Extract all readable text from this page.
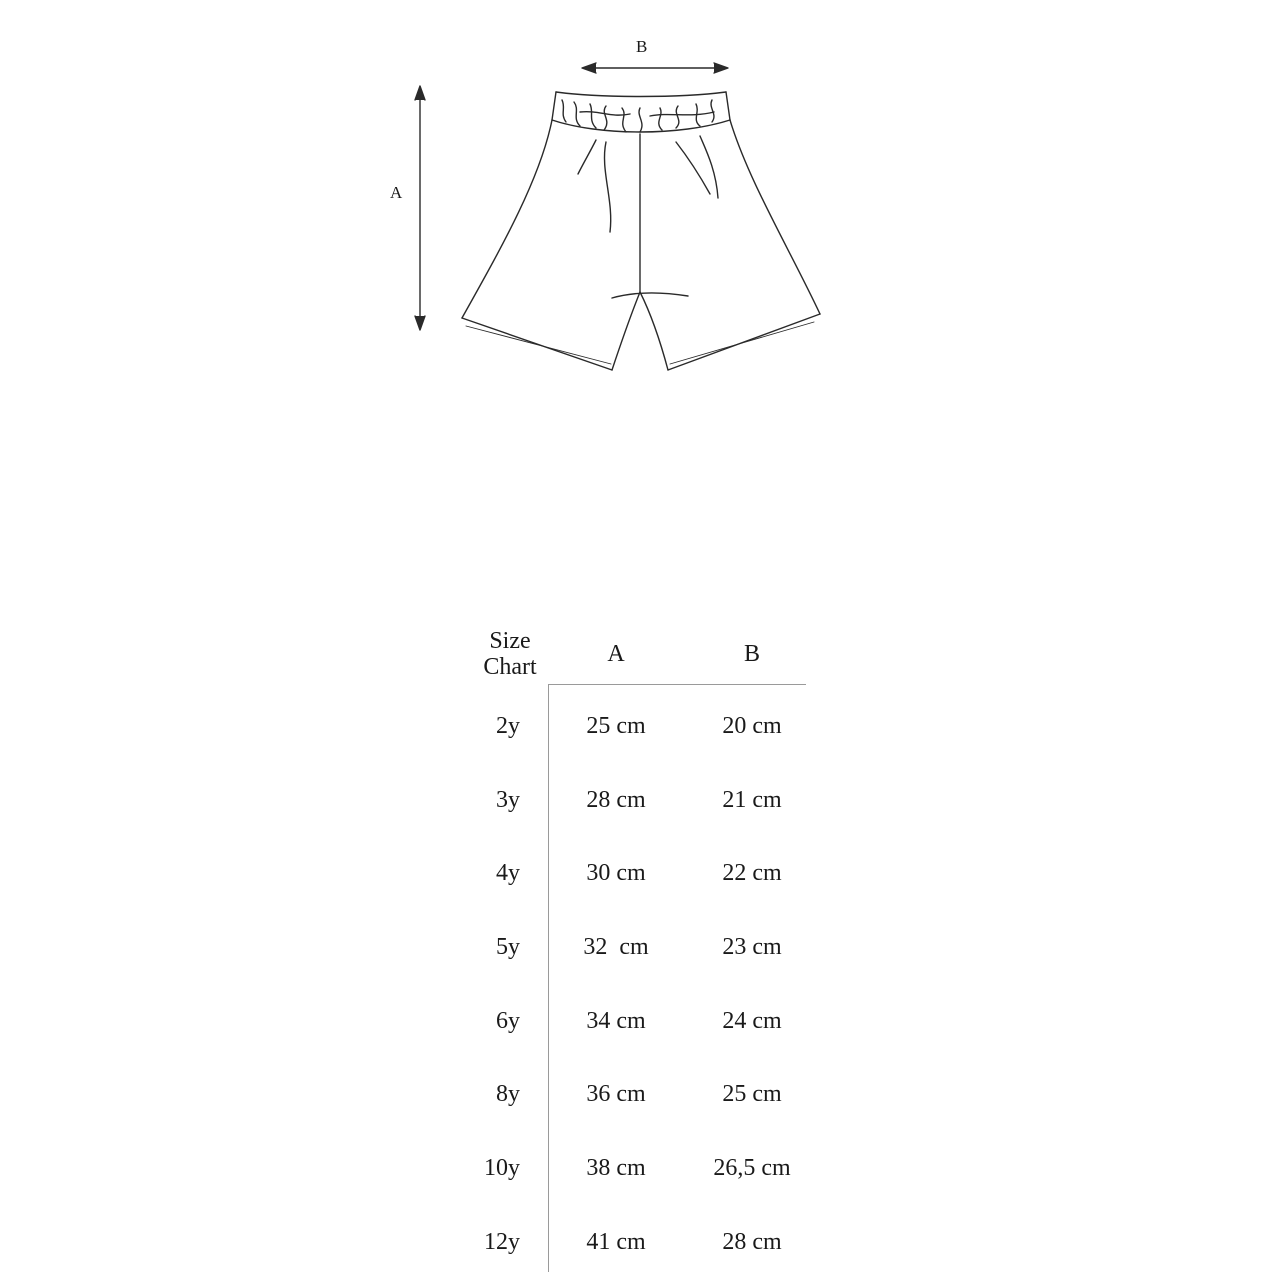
A
B
Size
Chart	A	B
2y	25 cm	20 cm
3y	28 cm	21 cm
4y	30 cm	22 cm
5y	32  cm	23 cm
6y	34 cm	24 cm
8y	36 cm	25 cm
10y	38 cm	26,5 cm
12y	41 cm	28 cm
